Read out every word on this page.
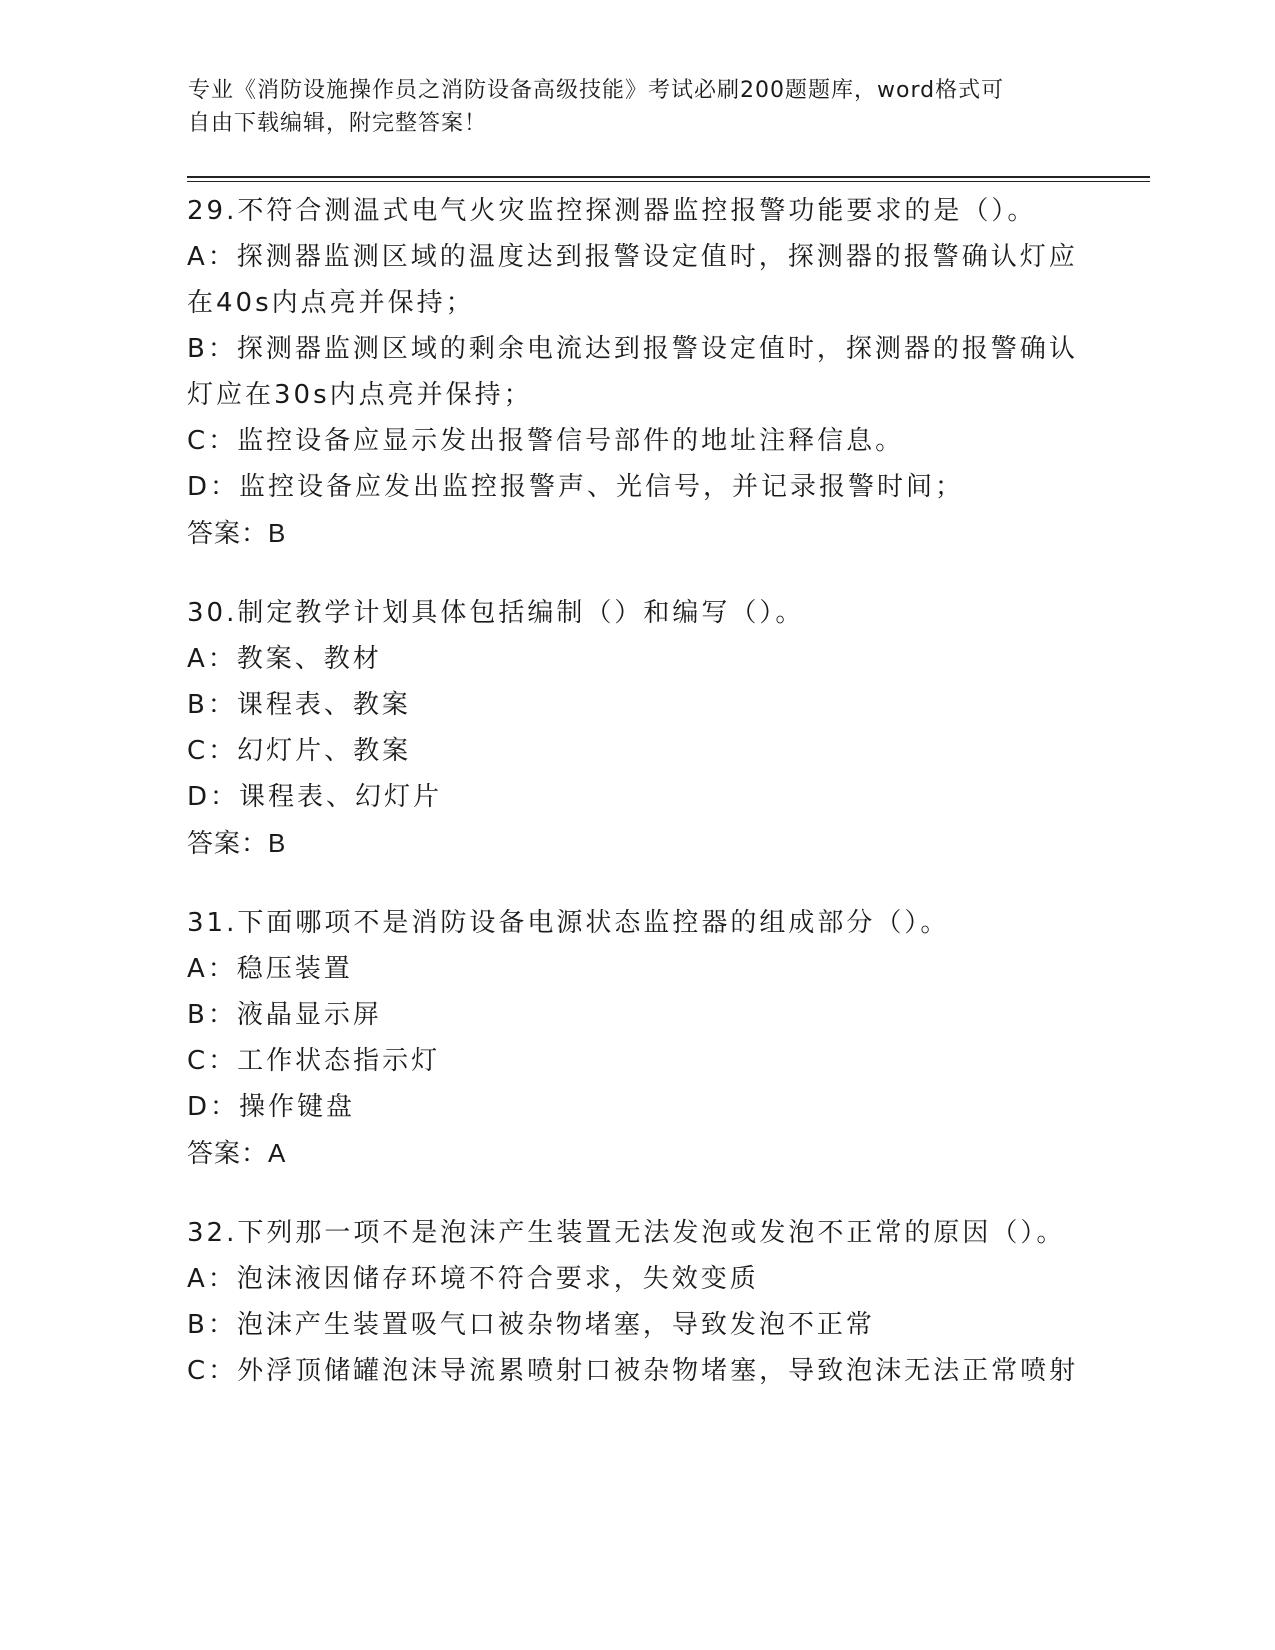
专业《消防设施操作员之消防设备高级技能》考试必刷200题题库，word格式可
自由下载编辑，附完整答案！
29.不符合测温式电气火灾监控探测器监控报警功能要求的是（）。
A：探测器监测区域的温度达到报警设定值时，探测器的报警确认灯应
在40s内点亮并保持；
B：探测器监测区域的剩余电流达到报警设定值时，探测器的报警确认
灯应在30s内点亮并保持；
C：监控设备应显示发出报警信号部件的地址注释信息。
D：监控设备应发出监控报警声、光信号，并记录报警时间；
答案：B
30.制定教学计划具体包括编制（）和编写（）。
A：教案、教材
B：课程表、教案
C：幻灯片、教案
D：课程表、幻灯片
答案：B
31.下面哪项不是消防设备电源状态监控器的组成部分（）。
A：稳压装置
B：液晶显示屏
C：工作状态指示灯
D：操作键盘
答案：A
32.下列那一项不是泡沫产生装置无法发泡或发泡不正常的原因（）。
A：泡沫液因储存环境不符合要求，失效变质
B：泡沫产生装置吸气口被杂物堵塞，导致发泡不正常
C：外浮顶储罐泡沫导流累喷射口被杂物堵塞，导致泡沫无法正常喷射
